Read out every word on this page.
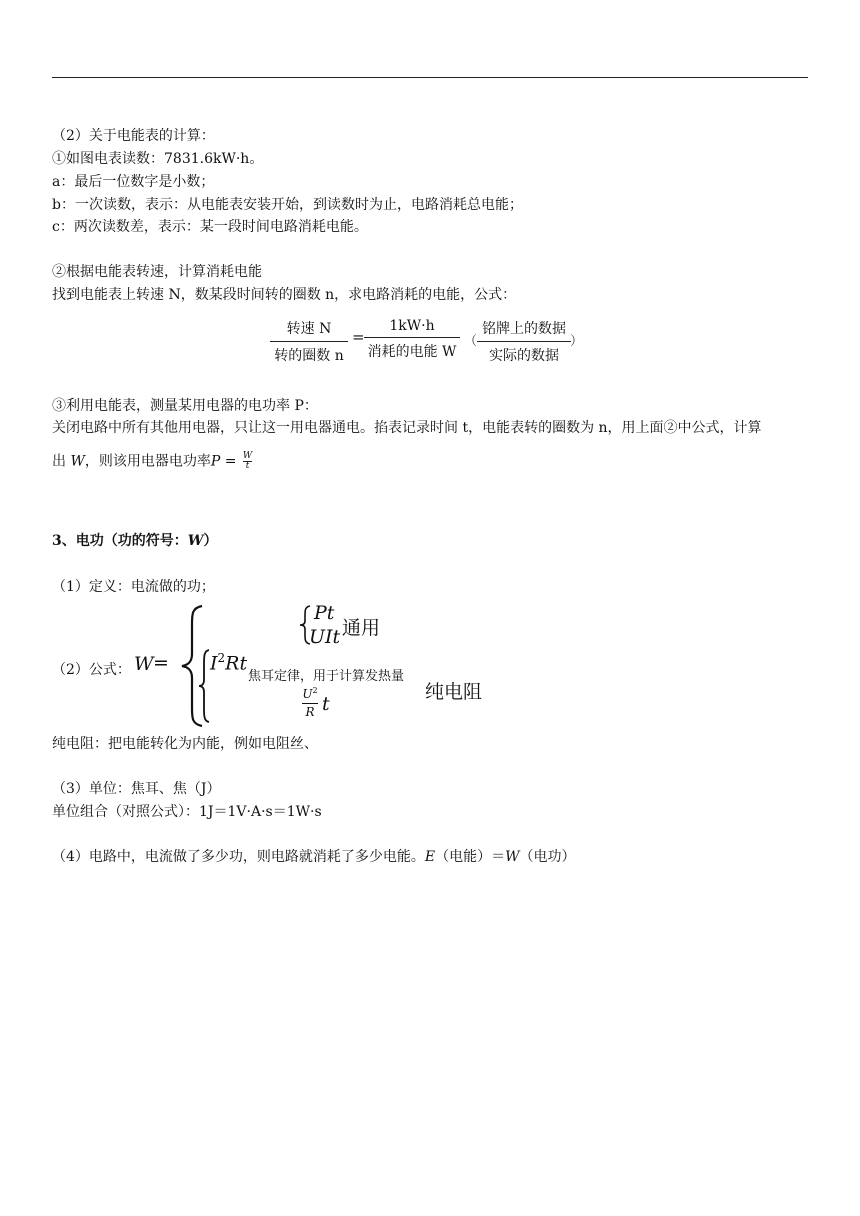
（2）关于电能表的计算：
①如图电表读数：7831.6kW·h。
a：最后一位数字是小数；
b：一次读数，表示：从电能表安装开始，到读数时为止，电路消耗总电能；
c：两次读数差，表示：某一段时间电路消耗电能。
②根据电能表转速，计算消耗电能
找到电能表上转速 N，数某段时间转的圈数 n，求电路消耗的电能，公式：
转速 N
转的圈数 n
=
1kW·h
消耗的电能 W
（
铭牌上的数据
实际的数据
）
③利用电能表，测量某用电器的电功率 P：
关闭电路中所有其他用电器，只让这一用电器通电。掐表记录时间 t，电能表转的圈数为 n，用上面②中公式，计算
出 W，则该用电器电功率$P = \frac{W}{t}$
3、电功（功的符号：W）
（1）定义：电流做的功；
（2）公式： W =
Pt
UIt 通用
$I^2Rt$
焦耳定律，用于计算发热量
$U^2$
R t
纯电阻
纯电阻：把电能转化为内能，例如电阻丝、
（3）单位：焦耳、焦（J）
单位组合（对照公式）：1J＝1V·A·s＝1W·s
（4）电路中，电流做了多少功，则电路就消耗了多少电能。E（电能）＝W（电功）
